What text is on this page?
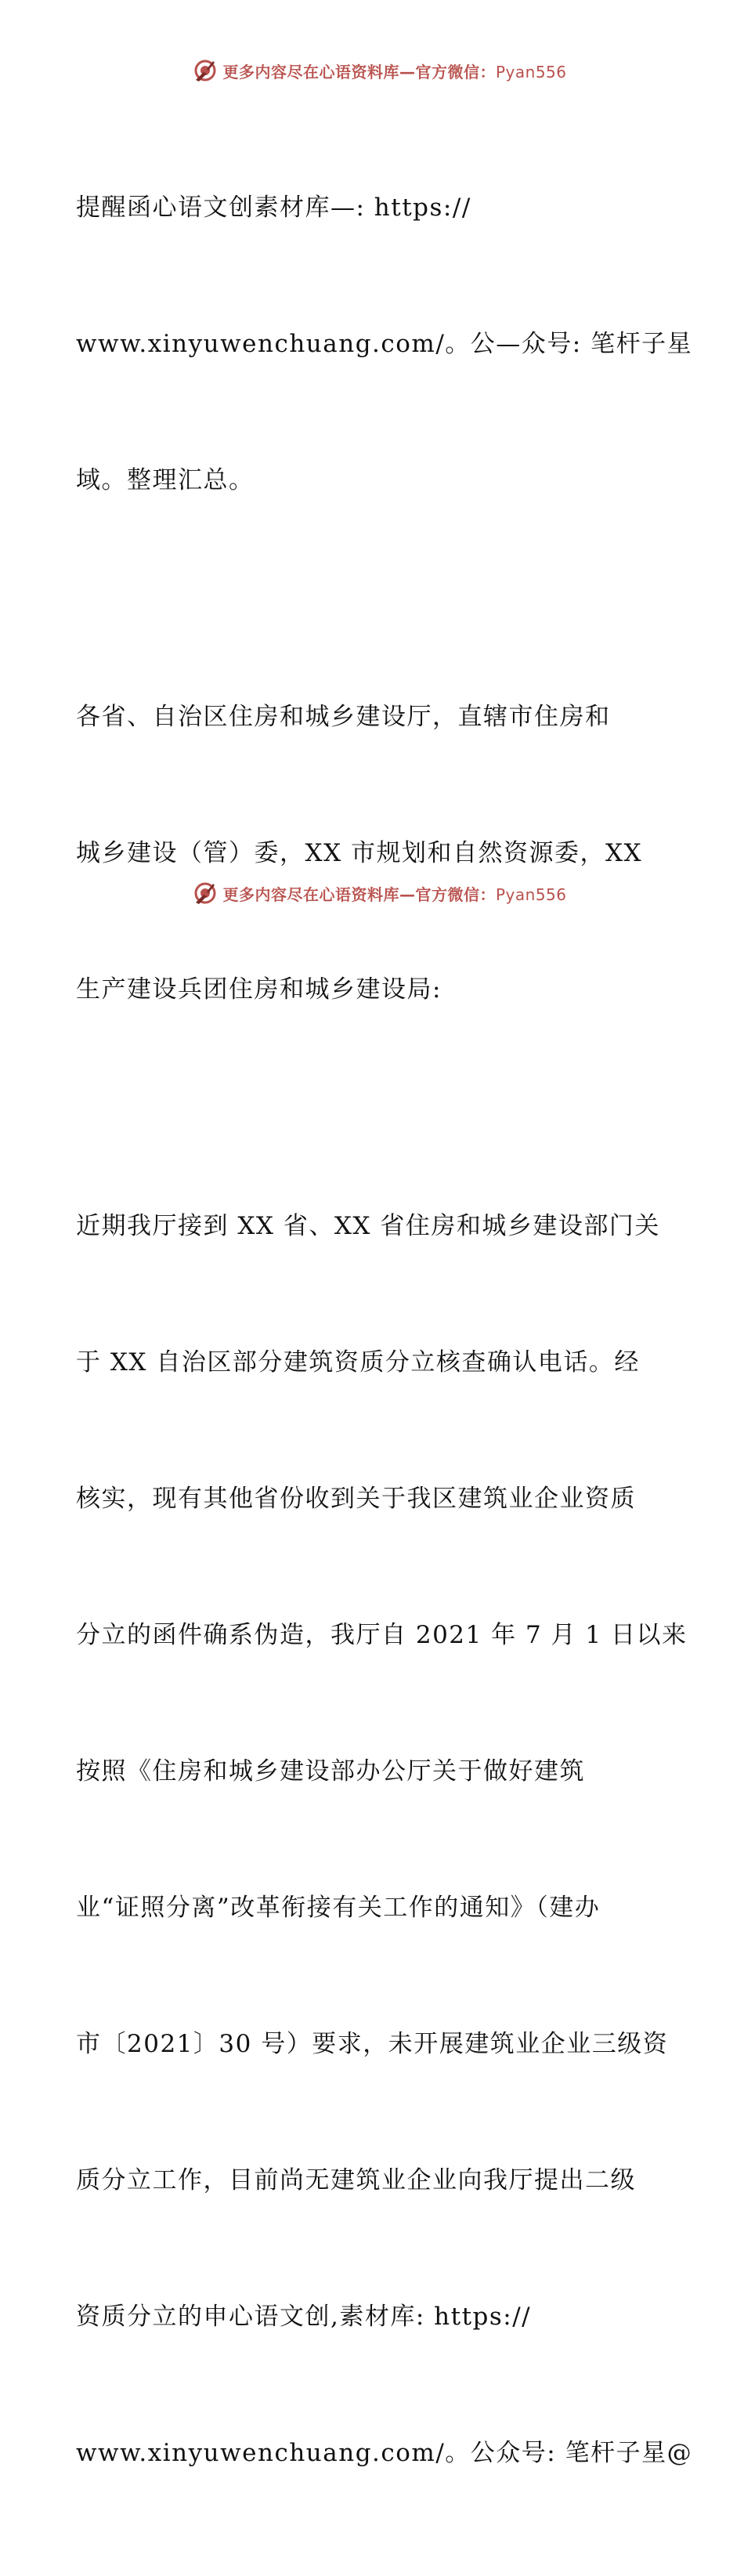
更多内容尽在心语资料库—官方微信：Pyan556

提醒函心语文创素材库—: https://

www.xinyuwenchuang.com/。公—众号: 笔杆子星

域。整理汇总。

各省、自治区住房和城乡建设厅，直辖市住房和

城乡建设（管）委，XX 市规划和自然资源委，XX

生产建设兵团住房和城乡建设局:

近期我厅接到 XX 省、XX 省住房和城乡建设部门关

于 XX 自治区部分建筑资质分立核查确认电话。经

核实，现有其他省份收到关于我区建筑业企业资质

分立的函件确系伪造，我厅自 2021 年 7 月 1 日以来

按照《住房和城乡建设部办公厅关于做好建筑

业“证照分离”改革衔接有关工作的通知》（建办

市〔2021〕30 号）要求，未开展建筑业企业三级资

质分立工作，目前尚无建筑业企业向我厅提出二级

资质分立的申心语文创,素材库: https://

www.xinyuwenchuang.com/。公众号: 笔杆子星@

更多内容尽在心语资料库—官方微信：Pyan556
